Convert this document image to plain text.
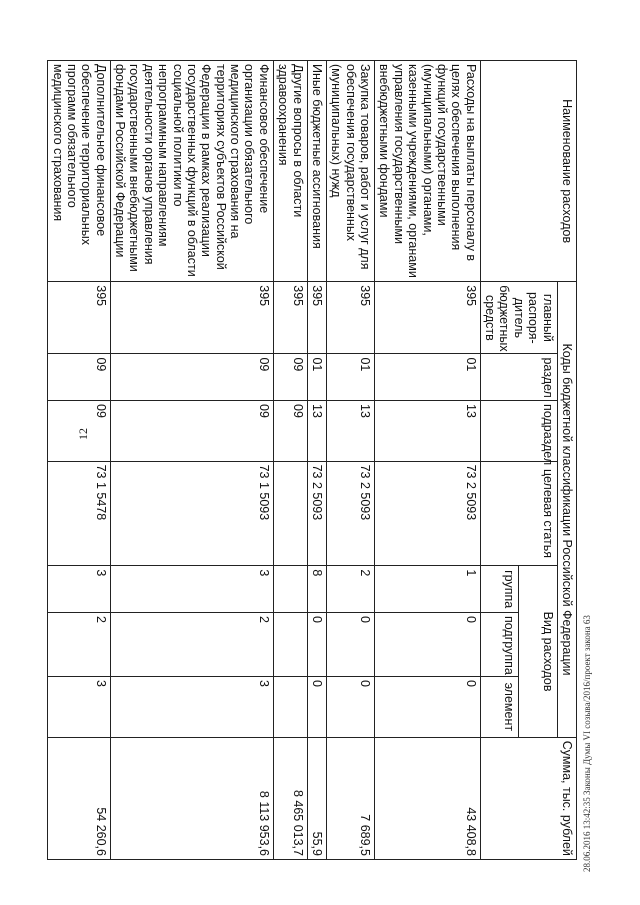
12
Наименование расходов	Коды бюджетной классификации Российской Федерации							Сумма, тыс. рублей
	главный распоря-дитель бюджетных средств	раздел	подраздел	целевая статья	Вид расходов			
					группа	подгруппа	элемент	
Расходы на выплаты персоналу в целях обеспечения выполнения функций государственными (муниципальными) органами, казенными учреждениями, органами управления государственными внебюджетными фондами	395	01	13	73 2 5093	1	0	0	43 408,8
Закупка товаров, работ и услуг для обеспечения государственных (муниципальных) нужд	395	01	13	73 2 5093	2	0	0	7 689,5
Иные бюджетные ассигнования	395	01	13	73 2 5093	8	0	0	55,9
Другие вопросы в области здравоохранения	395	09	09					8 465 013,7
Финансовое обеспечение организации обязательного медицинского страхования на территориях субъектов Российской Федерации в рамках реализации государственных функций в области социальной политики по непрограммным направлениям деятельности органов управления государственными внебюджетными фондами Российской Федерации	395	09	09	73 1 5093	3	2	3	8 113 953,6
Дополнительное финансовое обеспечение территориальных программ обязательного медицинского страхования	395	09	09	73 1 5478	3	2	3	54 260,6	28.06.2016 13:42:35 Законы Думы VI созыва/2016/проект закона 63
